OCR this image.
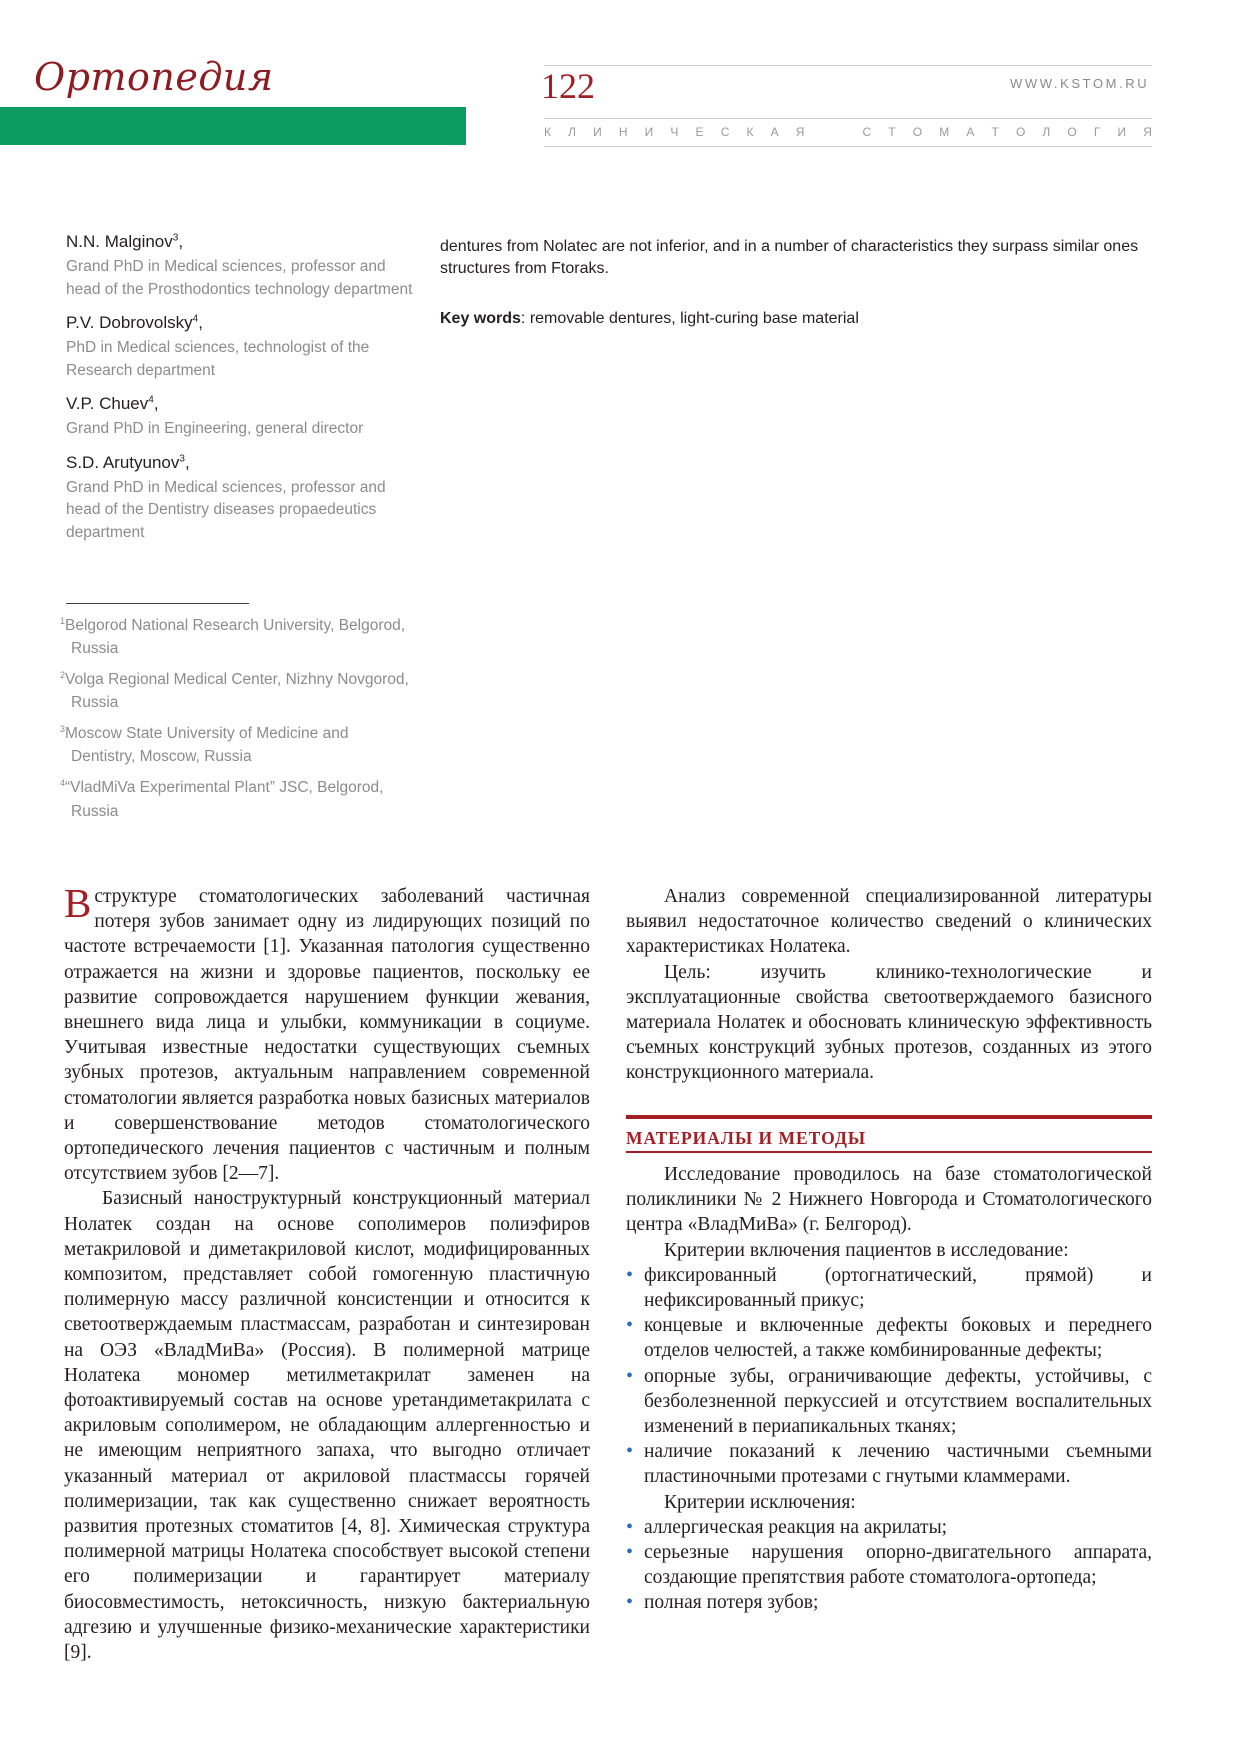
Ортопедия	122	WWW.KSTOM.RU
К Л И Н И Ч Е С К А Я

	С Т О М А Т О Л О Г И Я
N.N. Malginov$^3$,
Grand PhD in Medical sciences, professor and head of the Prosthodontics technology department
P.V. Dobrovolsky$^4$,
PhD in Medical sciences, technologist of the Research department
V.P. Chuev$^4$,
Grand PhD in Engineering, general director
S.D. Arutyunov$^3$,
Grand PhD in Medical sciences, professor and head of the Dentistry diseases propaedeutics department
$^1$Belgorod National Research University, Belgorod, Russia
$^2$Volga Regional Medical Center, Nizhny Novgorod, Russia
$^3$Moscow State University of Medicine and Dentistry, Moscow, Russia
$^4$“VladMiVa Experimental Plant” JSC, Belgorod, Russia
dentures from Nolatec are not inferior, and in a number of characteristics they surpass similar ones structures from Ftoraks.
Key words: removable dentures, light-curing base material

В структуре стоматологических заболеваний частичная потеря зубов занимает одну из лидирующих позиций по частоте встречаемости [1]. Указанная патология существенно отражается на жизни и здоровье пациентов, поскольку ее развитие сопровождается нарушением функции жевания, внешнего вида лица и улыбки, коммуникации в социуме. Учитывая известные недостатки существующих съемных зубных протезов, актуальным направлением современной стоматологии является разработка новых базисных материалов и совершенствование методов стоматологического ортопедического лечения пациентов с частичным и полным отсутствием зубов [2—7].

Базисный наноструктурный конструкционный материал Нолатек создан на основе сополимеров полиэфиров метакриловой и диметакриловой кислот, модифицированных композитом, представляет собой гомогенную пластичную полимерную массу различной консистенции и относится к светоотверждаемым пластмассам, разработан и синтезирован на ОЭЗ «ВладМиВа» (Россия). В полимерной матрице Нолатека мономер метилметакрилат заменен на фотоактивируемый состав на основе уретандиметакрилата с акриловым сополимером, не обладающим аллергенностью и не имеющим неприятного запаха, что выгодно отличает указанный материал от акриловой пластмассы горячей полимеризации, так как существенно снижает вероятность развития протезных стоматитов [4, 8]. Химическая структура полимерной матрицы Нолатека способствует высокой степени его полимеризации и гарантирует материалу биосовместимость, нетоксичность, низкую бактериальную адгезию и улучшенные физико-механические характеристики [9].

Анализ современной специализированной литературы выявил недостаточное количество сведений о клинических характеристиках Нолатека.

Цель: изучить клинико-технологические и эксплуатационные свойства светоотверждаемого базисного материала Нолатек и обосновать клиническую эффективность съемных конструкций зубных протезов, созданных из этого конструкционного материала.

МАТЕРИАЛЫ И МЕТОДЫ

Исследование проводилось на базе стоматологической поликлиники № 2 Нижнего Новгорода и Стоматологического центра «ВладМиВа» (г. Белгород).

Критерии включения пациентов в исследование:

• фиксированный (ортогнатический, прямой) и нефиксированный прикус;
• концевые и включенные дефекты боковых и переднего отделов челюстей, а также комбинированные дефекты;
• опорные зубы, ограничивающие дефекты, устойчивы, с безболезненной перкуссией и отсутствием воспалительных изменений в периапикальных тканях;
• наличие показаний к лечению частичными съемными пластиночными протезами с гнутыми кламмерами.

Критерии исключения:

• аллергическая реакция на акрилаты;
• серьезные нарушения опорно-двигательного аппарата, создающие препятствия работе стоматолога-ортопеда;
• полная потеря зубов;
